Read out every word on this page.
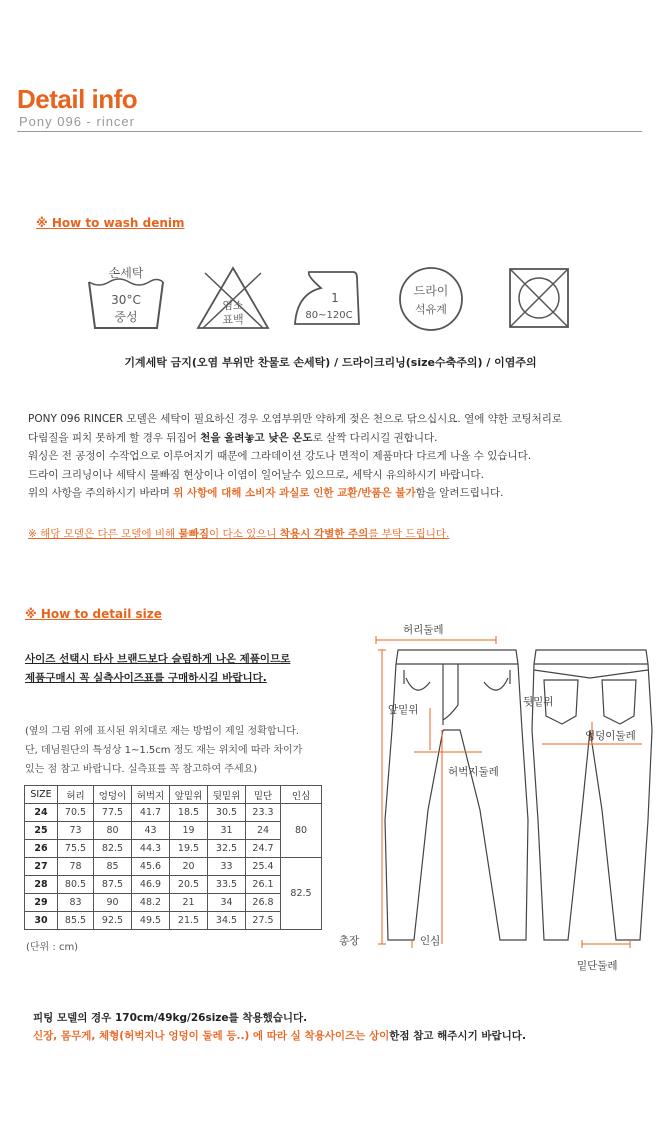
Detail info
Pony 096 - rincer
※ How to wash denim
손세탁
30°C
중성
염소
표백
1
80~120C
드라이
석유계
기계세탁 금지(오염 부위만 찬물로 손세탁) / 드라이크리닝(size수축주의) / 이염주의
PONY 096 RINCER 모델은 세탁이 필요하신 경우 오염부위만 약하게 젖은 천으로 닦으십시요. 열에 약한 코팅처리로
다림질을 피치 못하게 할 경우 뒤집어 천을 올려놓고 낮은 온도로 살짝 다리시길 권합니다.
워싱은 전 공정이 수작업으로 이루어지기 때문에 그라데이션 강도나 면적이 제품마다 다르게 나올 수 있습니다.
드라이 크리닝이나 세탁시 물빠짐 현상이나 이염이 일어날수 있으므로, 세탁시 유의하시기 바랍니다.
위의 사항을 주의하시기 바라며 위 사항에 대해 소비자 과실로 인한 교환/반품은 불가함을 알려드립니다.
※ 해당 모델은 다른 모델에 비해 물빠짐이 다소 있으니 착용시 각별한 주의를 부탁 드립니다.
※ How to detail size
사이즈 선택시 타사 브랜드보다 슬림하게 나온 제품이므로
제품구매시 꼭 실측사이즈표를 구매하시길 바랍니다.
(옆의 그림 위에 표시된 위치대로 재는 방법이 제일 정확합니다.
단, 데님원단의 특성상 1~1.5cm 정도 재는 위치에 따라 차이가
있는 점 참고 바랍니다. 실측표를 꼭 참고하여 주세요)
SIZE	허리	엉덩이	허벅지	앞밑위	뒷밑위	밑단	인심
24	70.5	77.5	41.7	18.5	30.5	23.3	80
25	73	80	43	19	31	24	
26	75.5	82.5	44.3	19.5	32.5	24.7	
27	78	85	45.6	20	33	25.4	82.5
28	80.5	87.5	46.9	20.5	33.5	26.1	
29	83	90	48.2	21	34	26.8	
30	85.5	92.5	49.5	21.5	34.5	27.5	
(단위 : cm)
허리둘레
앞밑위
뒷밑위
엉덩이둘레
허벅지둘레
총장	인심
밑단둘레
피팅 모델의 경우 170cm/49kg/26size를 착용했습니다.
신장, 몸무게, 체형(허벅지나 엉덩이 둘레 등..) 에 따라 실 착용사이즈는 상이한점 참고 해주시기 바랍니다.
